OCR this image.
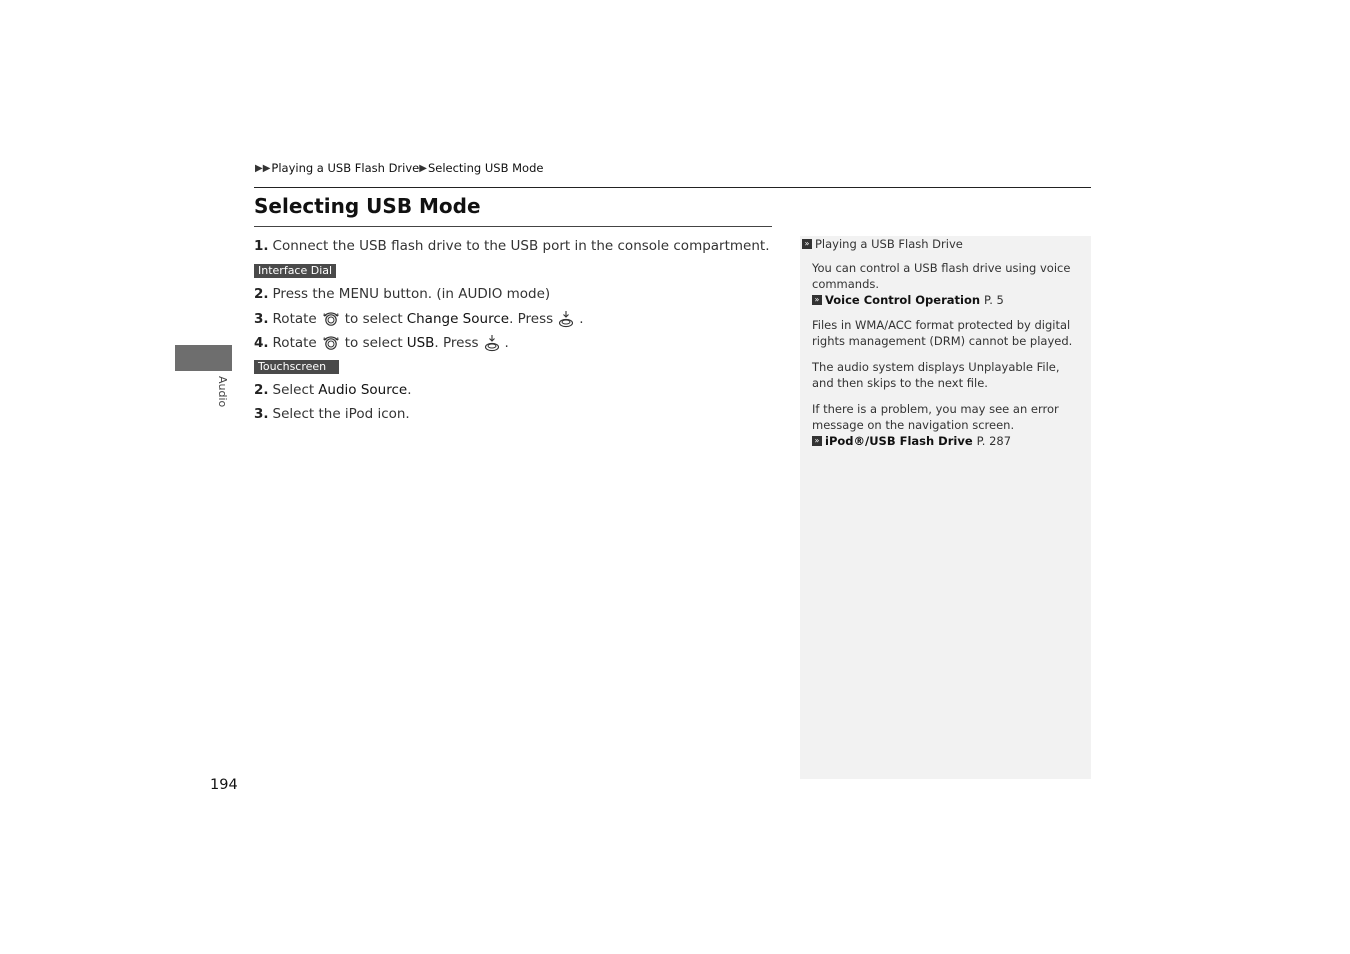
▶▶ Playing a USB Flash Drive ▶ Selecting USB Mode
Selecting USB Mode
1. Connect the USB flash drive to the USB port in the console compartment.
Interface Dial
2. Press the MENU button. (in AUDIO mode)
3. Rotate to select Change Source . Press .
4. Rotate to select USB . Press .
Touchscreen
2. Select Audio Source .
3. Select the iPod icon.
Audio
194
» Playing a USB Flash Drive
You can control a USB flash drive using voice commands.
» Voice Control Operation P. 5
Files in WMA/ACC format protected by digital rights management (DRM) cannot be played.
The audio system displays Unplayable File, and then skips to the next file.
If there is a problem, you may see an error message on the navigation screen.
» iPod®/USB Flash Drive P. 287
